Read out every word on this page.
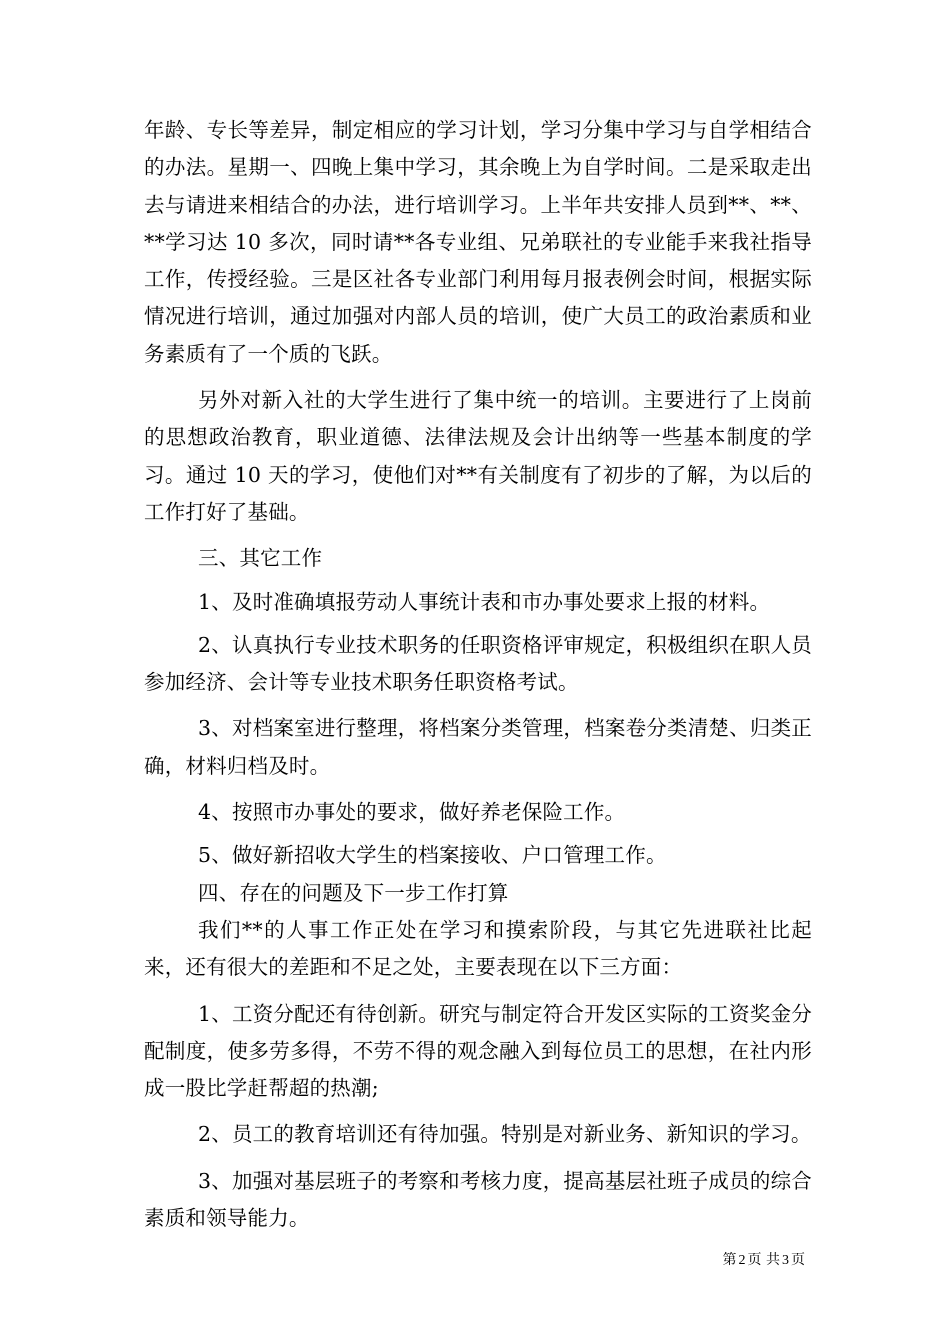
年龄、专长等差异，制定相应的学习计划，学习分集中学习与自学相结合的办法。星期一、四晚上集中学习，其余晚上为自学时间。二是采取走出去与请进来相结合的办法，进行培训学习。上半年共安排人员到**、**、**学习达 10 多次，同时请**各专业组、兄弟联社的专业能手来我社指导工作，传授经验。三是区社各专业部门利用每月报表例会时间，根据实际情况进行培训，通过加强对内部人员的培训，使广大员工的政治素质和业务素质有了一个质的飞跃。

另外对新入社的大学生进行了集中统一的培训。主要进行了上岗前的思想政治教育，职业道德、法律法规及会计出纳等一些基本制度的学习。通过 10 天的学习，使他们对**有关制度有了初步的了解，为以后的工作打好了基础。

三、其它工作

1、及时准确填报劳动人事统计表和市办事处要求上报的材料。

2、认真执行专业技术职务的任职资格评审规定，积极组织在职人员参加经济、会计等专业技术职务任职资格考试。

3、对档案室进行整理，将档案分类管理，档案卷分类清楚、归类正确，材料归档及时。

4、按照市办事处的要求，做好养老保险工作。

5、做好新招收大学生的档案接收、户口管理工作。

四、存在的问题及下一步工作打算

我们**的人事工作正处在学习和摸索阶段，与其它先进联社比起来，还有很大的差距和不足之处，主要表现在以下三方面：

1、工资分配还有待创新。研究与制定符合开发区实际的工资奖金分配制度，使多劳多得，不劳不得的观念融入到每位员工的思想，在社内形成一股比学赶帮超的热潮;

2、员工的教育培训还有待加强。特别是对新业务、新知识的学习。

3、加强对基层班子的考察和考核力度，提高基层社班子成员的综合素质和领导能力。

第 2 页 共 3 页
